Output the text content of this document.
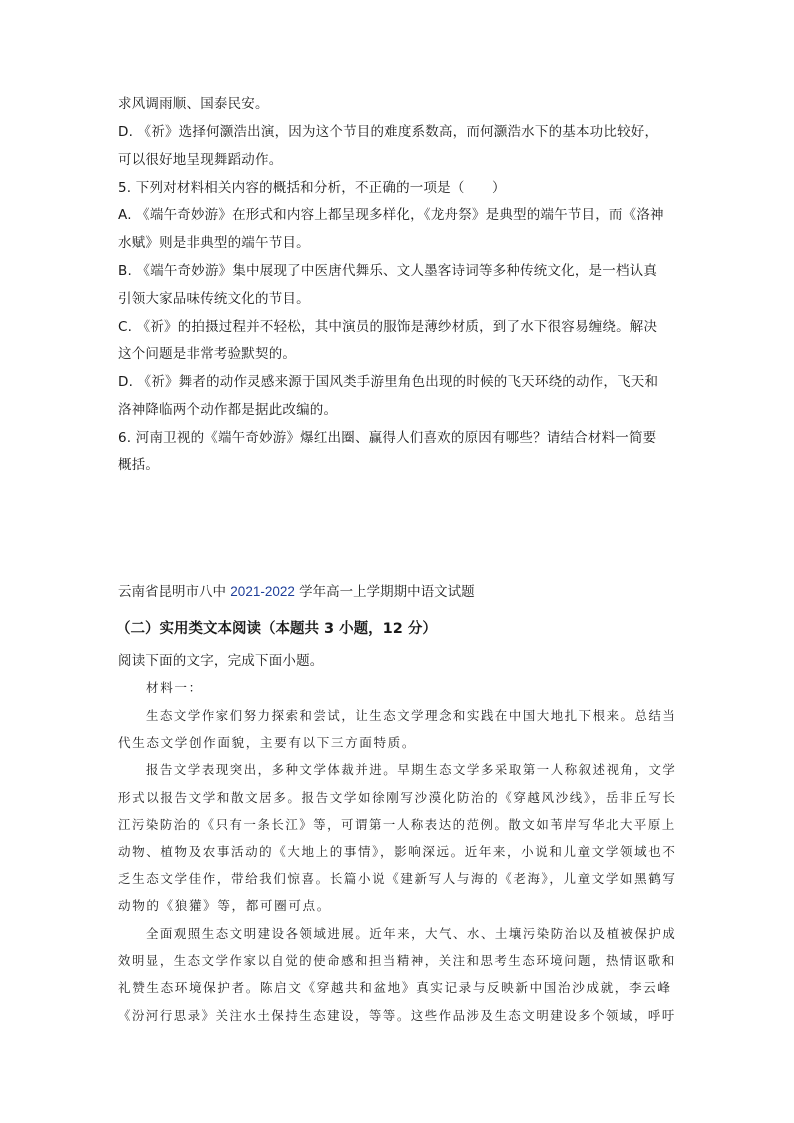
求风调雨顺、国泰民安。
D. 《祈》选择何灏浩出演，因为这个节目的难度系数高，而何灏浩水下的基本功比较好，
可以很好地呈现舞蹈动作。
5. 下列对材料相关内容的概括和分析，不正确的一项是（　　）
A. 《端午奇妙游》在形式和内容上都呈现多样化，《龙舟祭》是典型的端午节目，而《洛神
水赋》则是非典型的端午节目。
B. 《端午奇妙游》集中展现了中医唐代舞乐、文人墨客诗词等多种传统文化，是一档认真
引领大家品味传统文化的节目。
C. 《祈》的拍摄过程并不轻松，其中演员的服饰是薄纱材质，到了水下很容易缠绕。解决
这个问题是非常考验默契的。
D. 《祈》舞者的动作灵感来源于国风类手游里角色出现的时候的飞天环绕的动作，飞天和
洛神降临两个动作都是据此改编的。
6. 河南卫视的《端午奇妙游》爆红出圈、赢得人们喜欢的原因有哪些？请结合材料一简要
概括。
云南省昆明市八中 2021-2022 学年高一上学期期中语文试题
（二）实用类文本阅读（本题共 3 小题，12 分）
阅读下面的文字，完成下面小题。
材料一：
生态文学作家们努力探索和尝试，让生态文学理念和实践在中国大地扎下根来。总结当
代生态文学创作面貌，主要有以下三方面特质。
报告文学表现突出，多种文学体裁并进。早期生态文学多采取第一人称叙述视角，文学
形式以报告文学和散文居多。报告文学如徐刚写沙漠化防治的《穿越风沙线》，岳非丘写长
江污染防治的《只有一条长江》等，可谓第一人称表达的范例。散文如苇岸写华北大平原上
动物、植物及农事活动的《大地上的事情》，影响深远。近年来，小说和儿童文学领域也不
乏生态文学佳作，带给我们惊喜。长篇小说《建新写人与海的《老海》，儿童文学如黑鹤写
动物的《狼獾》等，都可圈可点。
全面观照生态文明建设各领域进展。近年来，大气、水、土壤污染防治以及植被保护成
效明显，生态文学作家以自觉的使命感和担当精神，关注和思考生态环境问题，热情讴歌和
礼赞生态环境保护者。陈启文《穿越共和盆地》真实记录与反映新中国治沙成就，李云峰
《汾河行思录》关注水土保持生态建设，等等。这些作品涉及生态文明建设多个领域，呼吁
